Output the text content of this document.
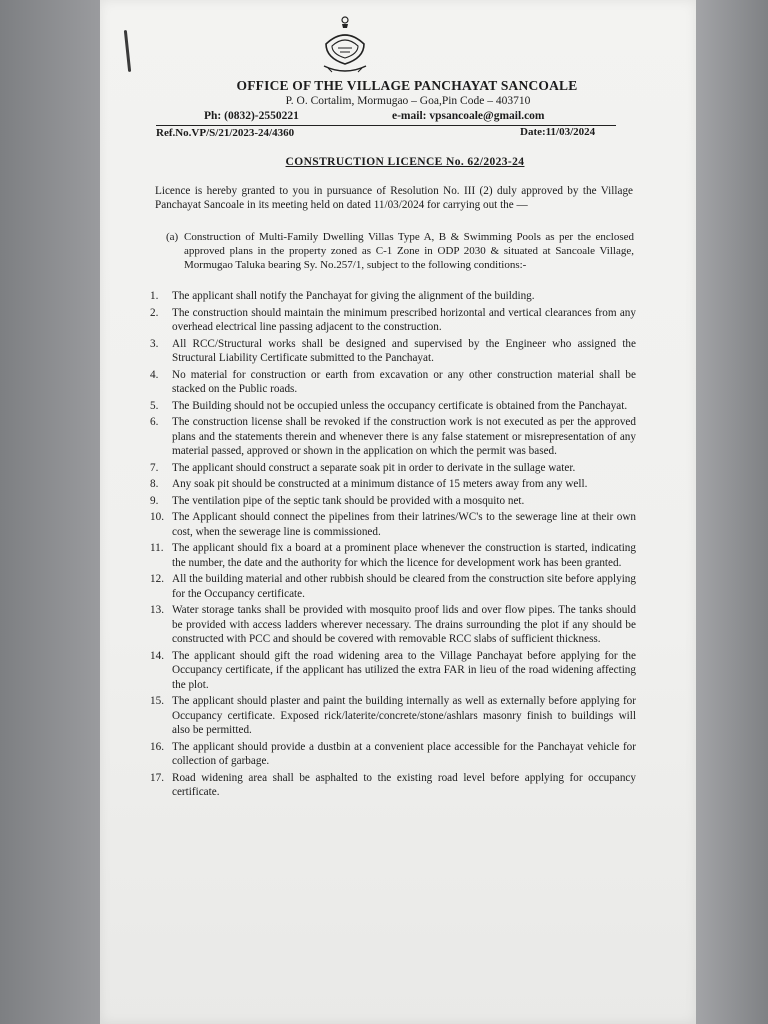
OFFICE OF THE VILLAGE PANCHAYAT SANCOALE
P. O. Cortalim, Mormugao – Goa,Pin Code – 403710
Ph: (0832)-2550221	e-mail: vpsancoale@gmail.com
Ref.No.VP/S/21/2023-24/4360	Date:11/03/2024
CONSTRUCTION LICENCE No. 62/2023-24
Licence is hereby granted to you in pursuance of Resolution No. III (2) duly approved by the Village Panchayat Sancoale in its meeting held on dated 11/03/2024 for carrying out the —
(a) Construction of Multi-Family Dwelling Villas Type A, B & Swimming Pools as per the enclosed approved plans in the property zoned as C-1 Zone in ODP 2030 & situated at Sancoale Village, Mormugao Taluka bearing Sy. No.257/1, subject to the following conditions:-
1.	The applicant shall notify the Panchayat for giving the alignment of the building.
2.	The construction should maintain the minimum prescribed horizontal and vertical clearances from any overhead electrical line passing adjacent to the construction.
3.	All RCC/Structural works shall be designed and supervised by the Engineer who assigned the Structural Liability Certificate submitted to the Panchayat.
4.	No material for construction or earth from excavation or any other construction material shall be stacked on the Public roads.
5.	The Building should not be occupied unless the occupancy certificate is obtained from the Panchayat.
6.	The construction license shall be revoked if the construction work is not executed as per the approved plans and the statements therein and whenever there is any false statement or misrepresentation of any material passed, approved or shown in the application on which the permit was based.
7.	The applicant should construct a separate soak pit in order to derivate in the sullage water.
8.	Any soak pit should be constructed at a minimum distance of 15 meters away from any well.
9.	The ventilation pipe of the septic tank should be provided with a mosquito net.
10. The Applicant should connect the pipelines from their latrines/WC's to the sewerage line at their own cost, when the sewerage line is commissioned.
11. The applicant should fix a board at a prominent place whenever the construction is started, indicating the number, the date and the authority for which the licence for development work has been granted.
12. All the building material and other rubbish should be cleared from the construction site before applying for the Occupancy certificate.
13. Water storage tanks shall be provided with mosquito proof lids and over flow pipes. The tanks should be provided with access ladders wherever necessary. The drains surrounding the plot if any should be constructed with PCC and should be covered with removable RCC slabs of sufficient thickness.
14. The applicant should gift the road widening area to the Village Panchayat before applying for the Occupancy certificate, if the applicant has utilized the extra FAR in lieu of the road widening affecting the plot.
15. The applicant should plaster and paint the building internally as well as externally before applying for Occupancy certificate. Exposed rick/laterite/concrete/stone/ashlars masonry finish to buildings will also be permitted.
16. The applicant should provide a dustbin at a convenient place accessible for the Panchayat vehicle for collection of garbage.
17. Road widening area shall be asphalted to the existing road level before applying for occupancy certificate.
